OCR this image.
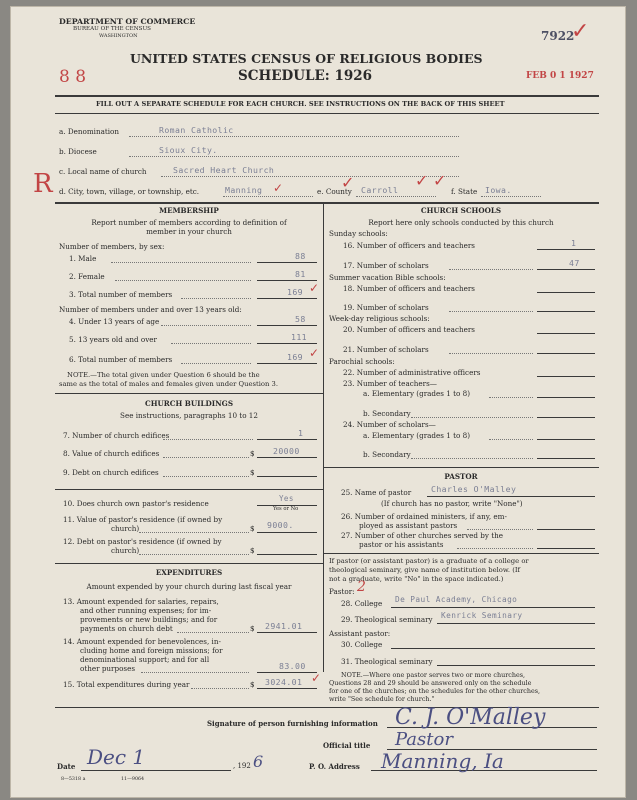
DEPARTMENT OF COMMERCE
BUREAU OF THE CENSUS
WASHINGTON	7922
✓
UNITED STATES CENSUS OF RELIGIOUS BODIES
SCHEDULE: 1926
8 8	FEB 0 1 1927
FILL OUT A SEPARATE SCHEDULE FOR EACH CHURCH. SEE INSTRUCTIONS ON THE BACK OF THIS SHEET
a. Denomination	Roman Catholic
b. Diocese	Sioux City.
c. Local name of church	Sacred Heart Church
R d. City, town, village, or township, etc.	Manning ✓	e. County Carroll
✓	✓ ✓
f. State Iowa.
MEMBERSHIP
Report number of members according to definition of
member in your church
Number of members, by sex:
1. Male	88
2. Female	81
3. Total number of members	169 ✓
Number of members under and over 13 years old:
4. Under 13 years of age	58
5. 13 years old and over	111
6. Total number of members	169 ✓
NOTE.—The total given under Question 6 should be the
same as the total of males and females given under Question 3.
CHURCH BUILDINGS
See instructions, paragraphs 10 to 12
7. Number of church edifices	1
8. Value of church edifices	$ 20000
9. Debt on church edifices	$
10. Does church own pastor's residence
Yes
Yes or No
11. Value of pastor's residence (if owned by
church)	$ 9000.
12. Debt on pastor's residence (if owned by
church)	$
EXPENDITURES
Amount expended by your church during last fiscal year
13. Amount expended for salaries, repairs,
and other running expenses; for im-
provements or new buildings; and for
payments on church debt	$ 2941.01
14. Amount expended for benevolences, in-
cluding home and foreign missions; for
denominational support; and for all
other purposes	83.00
15. Total expenditures during year	$ 3024.01 ✓
CHURCH SCHOOLS
Report here only schools conducted by this church
Sunday schools:
16. Number of officers and teachers	1
17. Number of scholars	47
Summer vacation Bible schools:
18. Number of officers and teachers
19. Number of scholars
Week-day religious schools:
20. Number of officers and teachers
21. Number of scholars
Parochial schools:
22. Number of administrative officers
23. Number of teachers—
a. Elementary (grades 1 to 8)
b. Secondary
24. Number of scholars—
a. Elementary (grades 1 to 8)
b. Secondary
PASTOR
25. Name of pastor Charles O'Malley
(If church has no pastor, write "None")
26. Number of ordained ministers, if any, em-
ployed as assistant pastors
27. Number of other churches served by the
pastor or his assistants
If pastor (or assistant pastor) is a graduate of a college or
theological seminary, give name of institution below. (If
not a graduate, write "No" in the space indicated.)
Pastor: 2
28. College De Paul Academy, Chicago
29. Theological seminary Kenrick Seminary
Assistant pastor:
30. College
31. Theological seminary
NOTE.—Where one pastor serves two or more churches,
Questions 28 and 29 should be answered only on the schedule
for one of the churches; on the schedules for the other churches,
write "See schedule for church."
Signature of person furnishing information C. J. O'Malley
Official title Pastor
Date Dec 1	, 192 6	P. O. Address Manning, Ia
8—5318 a	11—9064
